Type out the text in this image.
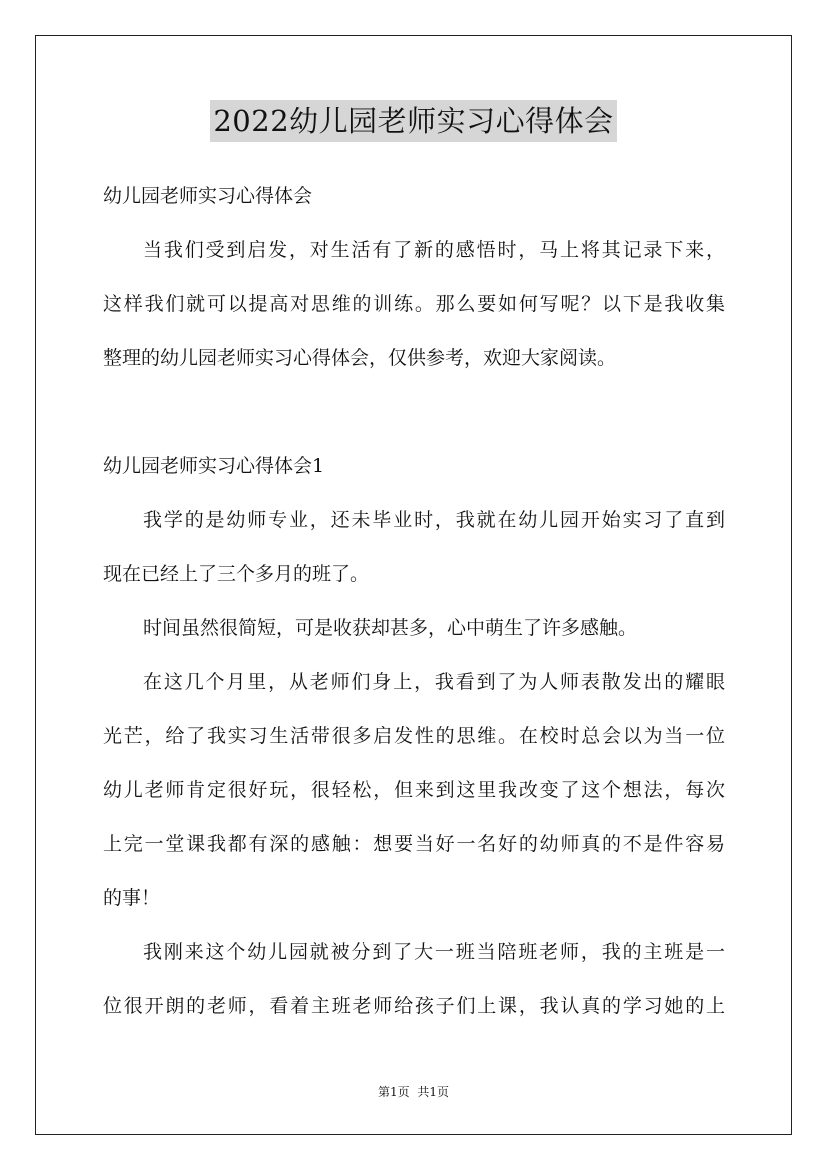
2022幼儿园老师实习心得体会

幼儿园老师实习心得体会

当我们受到启发，对生活有了新的感悟时，马上将其记录下来，

这样我们就可以提高对思维的训练。那么要如何写呢？以下是我收集

整理的幼儿园老师实习心得体会，仅供参考，欢迎大家阅读。

幼儿园老师实习心得体会1

我学的是幼师专业，还未毕业时，我就在幼儿园开始实习了直到

现在已经上了三个多月的班了。

时间虽然很简短，可是收获却甚多，心中萌生了许多感触。

在这几个月里，从老师们身上，我看到了为人师表散发出的耀眼

光芒，给了我实习生活带很多启发性的思维。在校时总会以为当一位

幼儿老师肯定很好玩，很轻松，但来到这里我改变了这个想法，每次

上完一堂课我都有深的感触：想要当好一名好的幼师真的不是件容易

的事！

我刚来这个幼儿园就被分到了大一班当陪班老师，我的主班是一

位很开朗的老师，看着主班老师给孩子们上课，我认真的学习她的上

第1页 共1页
